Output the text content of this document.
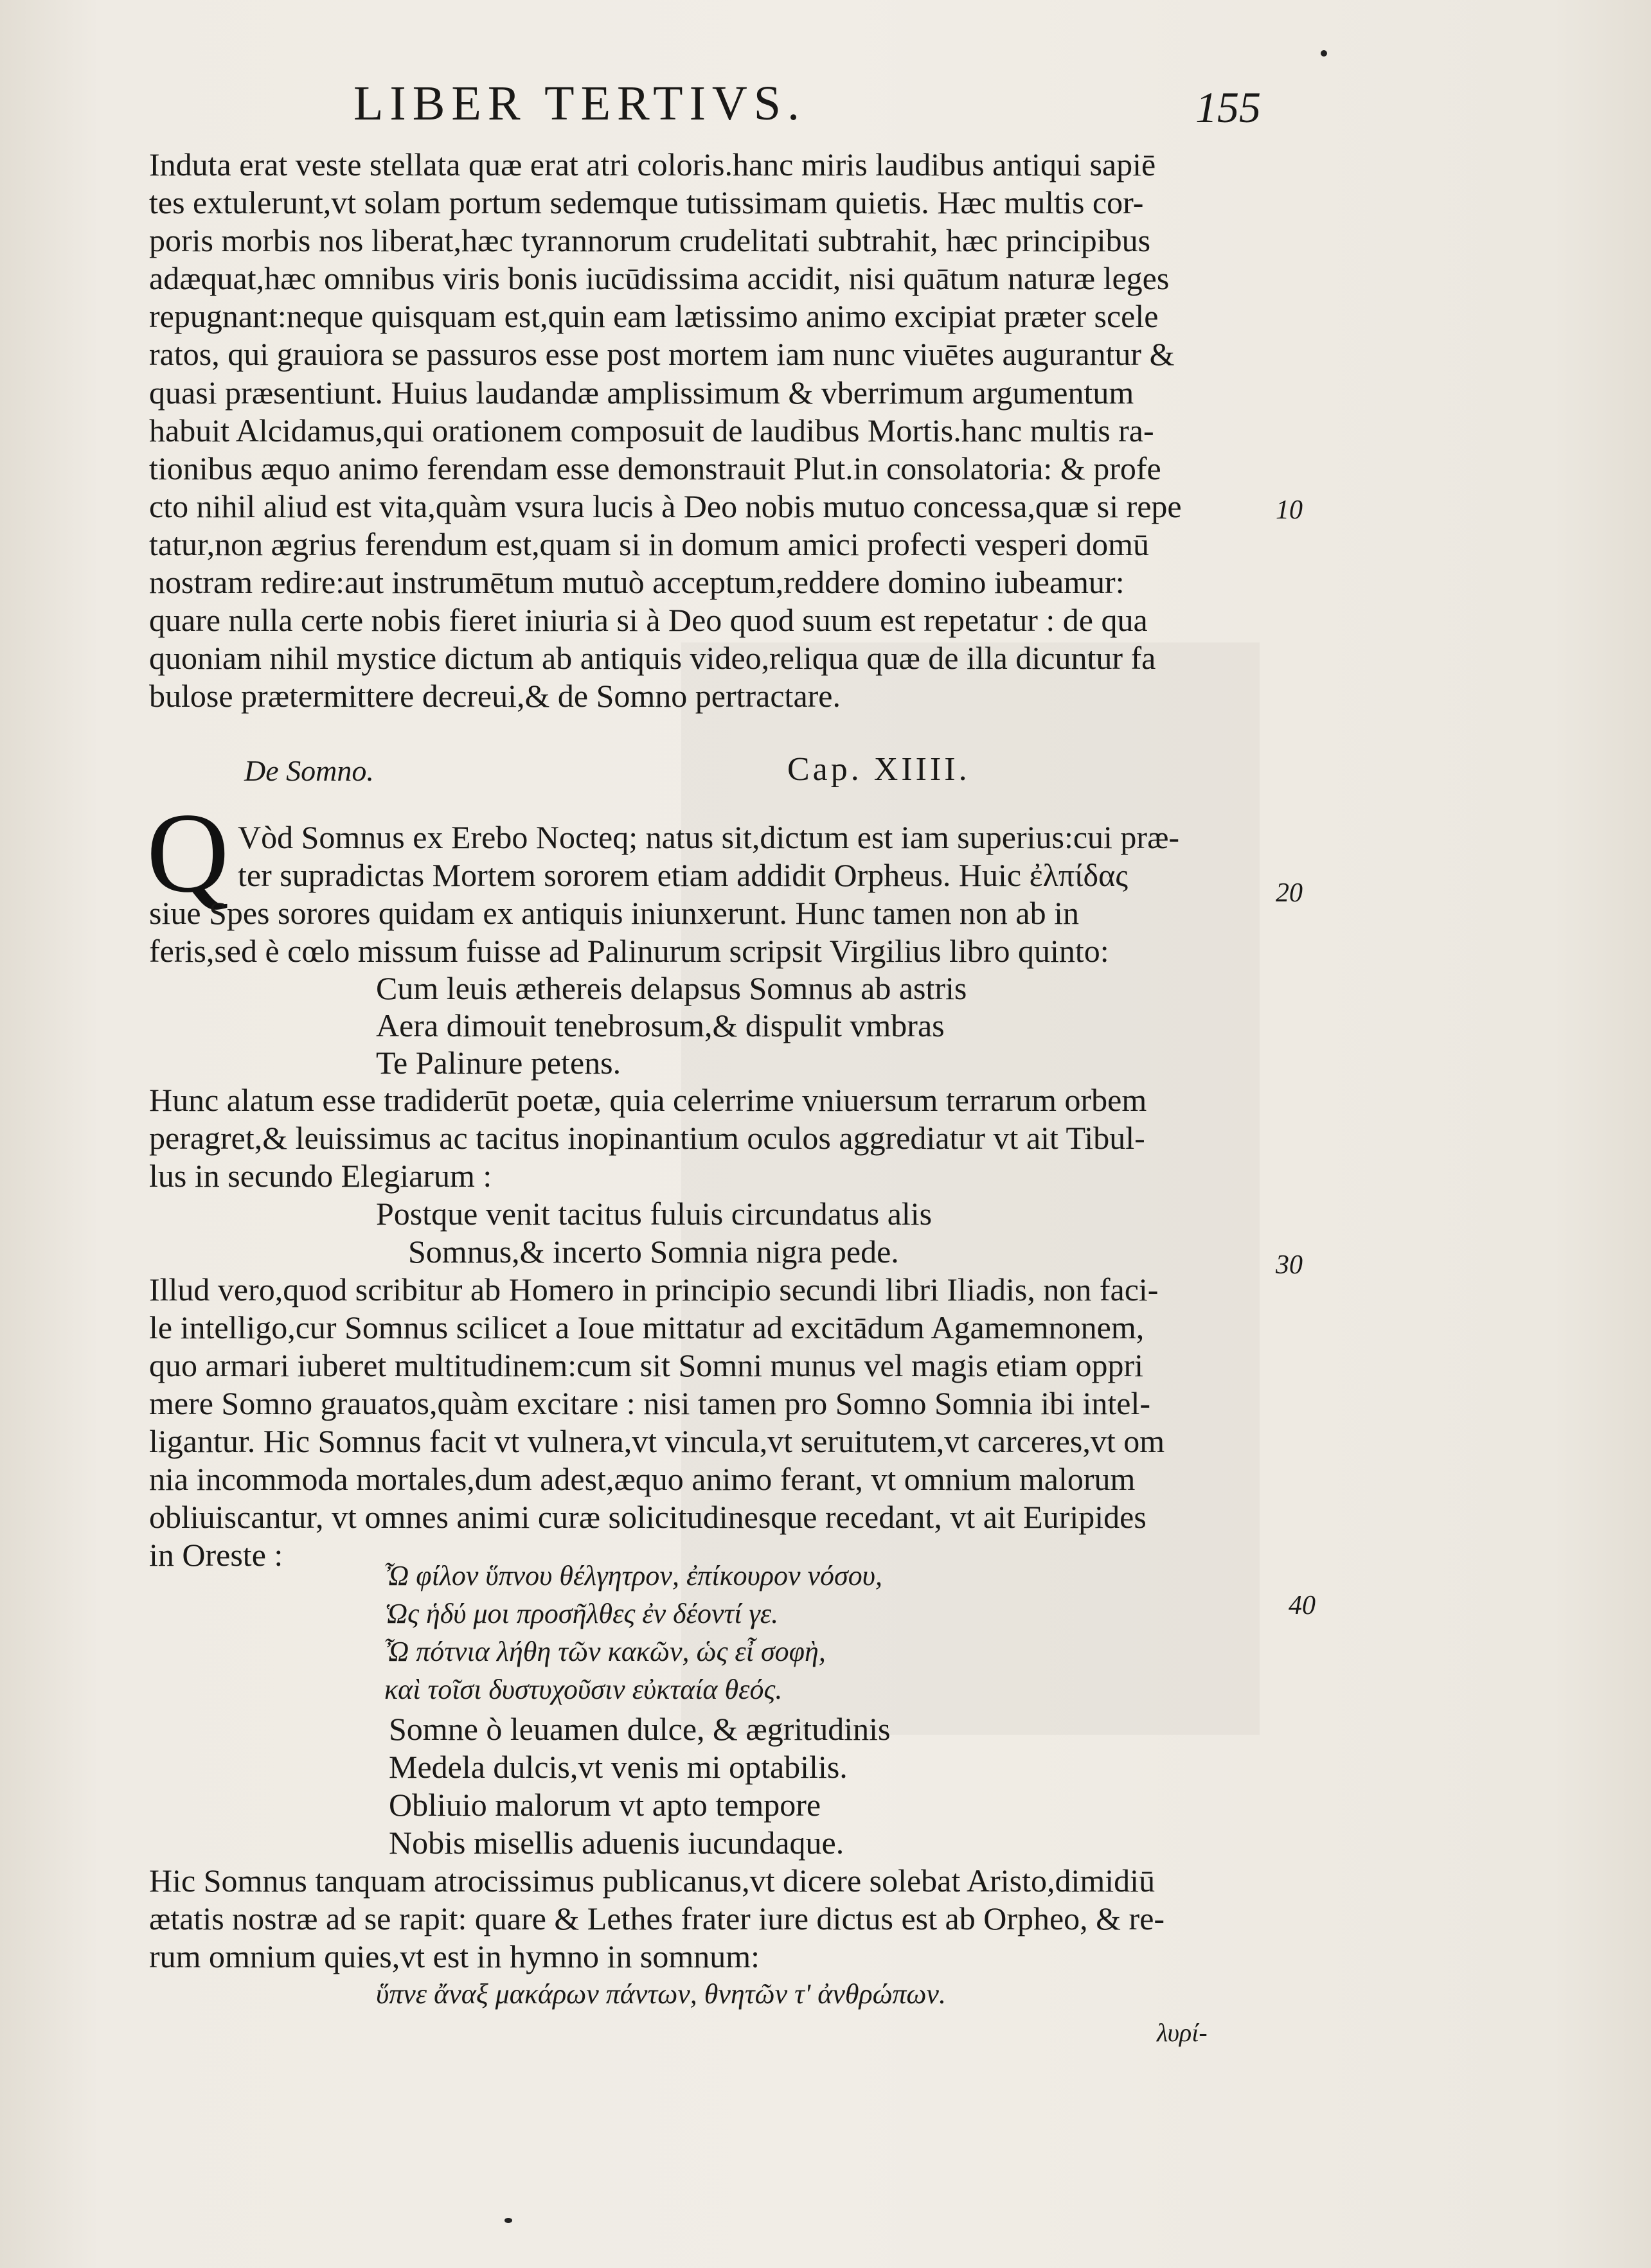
LIBER TERTIVS.	155
Induta erat veste stellata quæ erat atri coloris.hanc miris laudibus antiqui sapiē
tes extulerunt,vt solam portum sedemque tutissimam quietis. Hæc multis cor-
poris morbis nos liberat,hæc tyrannorum crudelitati subtrahit, hæc principibus
adæquat,hæc omnibus viris bonis iucūdissima accidit, nisi quātum naturæ leges
repugnant:neque quisquam est,quin eam lætissimo animo excipiat præter scele
ratos, qui grauiora se passuros esse post mortem iam nunc viuētes augurantur &
quasi præsentiunt. Huius laudandæ amplissimum & vberrimum argumentum
habuit Alcidamus,qui orationem composuit de laudibus Mortis.hanc multis ra-
tionibus æquo animo ferendam esse demonstrauit Plut.in consolatoria: & profe
cto nihil aliud est vita,quàm vsura lucis à Deo nobis mutuo concessa,quæ si repe
tatur,non ægrius ferendum est,quam si in domum amici profecti vesperi domū
nostram redire:aut instrumētum mutuò acceptum,reddere domino iubeamur:
quare nulla certe nobis fieret iniuria si à Deo quod suum est repetatur : de qua
quoniam nihil mystice dictum ab antiquis video,reliqua quæ de illa dicuntur fa
bulose prætermittere decreui,& de Somno pertractare.
10
De Somno.	Cap. XIIII.
Q Vòd Somnus ex Erebo Nocteq; natus sit,dictum est iam superius:cui præ-
ter supradictas Mortem sororem etiam addidit Orpheus. Huic ἐλπίδας
siue Spes sorores quidam ex antiquis iniunxerunt. Hunc tamen non ab in
feris,sed è cœlo missum fuisse ad Palinurum scripsit Virgilius libro quinto:
20
Cum leuis æthereis delapsus Somnus ab astris
Aera dimouit tenebrosum,& dispulit vmbras
Te Palinure petens.
Hunc alatum esse tradiderūt poetæ, quia celerrime vniuersum terrarum orbem
peragret,& leuissimus ac tacitus inopinantium oculos aggrediatur vt ait Tibul-
lus in secundo Elegiarum :
Postque venit tacitus fuluis circundatus alis
Somnus,& incerto Somnia nigra pede.
Illud vero,quod scribitur ab Homero in principio secundi libri Iliadis, non faci-
le intelligo,cur Somnus scilicet a Ioue mittatur ad excitādum Agamemnonem,
quo armari iuberet multitudinem:cum sit Somni munus vel magis etiam oppri
mere Somno grauatos,quàm excitare : nisi tamen pro Somno Somnia ibi intel-
ligantur. Hic Somnus facit vt vulnera,vt vincula,vt seruitutem,vt carceres,vt om
nia incommoda mortales,dum adest,æquo animo ferant, vt omnium malorum
obliuiscantur, vt omnes animi curæ solicitudinesque recedant, vt ait Euripides
in Oreste :
30
Ὦ φίλον ὕπνου θέλγητρον, ἐπίκουρον νόσου,
Ὡς ἡδύ μοι προσῆλθες ἐν δέοντί γε.
Ὦ πότνια λήθη τῶν κακῶν, ὡς εἶ σοφὴ,
καὶ τοῖσι δυστυχοῦσιν εὐκταία θεός.
40
Somne ò leuamen dulce, & ægritudinis
Medela dulcis,vt venis mi optabilis.
Obliuio malorum vt apto tempore
Nobis misellis aduenis iucundaque.
Hic Somnus tanquam atrocissimus publicanus,vt dicere solebat Aristo,dimidiū
ætatis nostræ ad se rapit: quare & Lethes frater iure dictus est ab Orpheo, & re-
rum omnium quies,vt est in hymno in somnum:
ὕπνε ἄναξ μακάρων πάντων, θνητῶν τ' ἀνθρώπων.
λυρί-
